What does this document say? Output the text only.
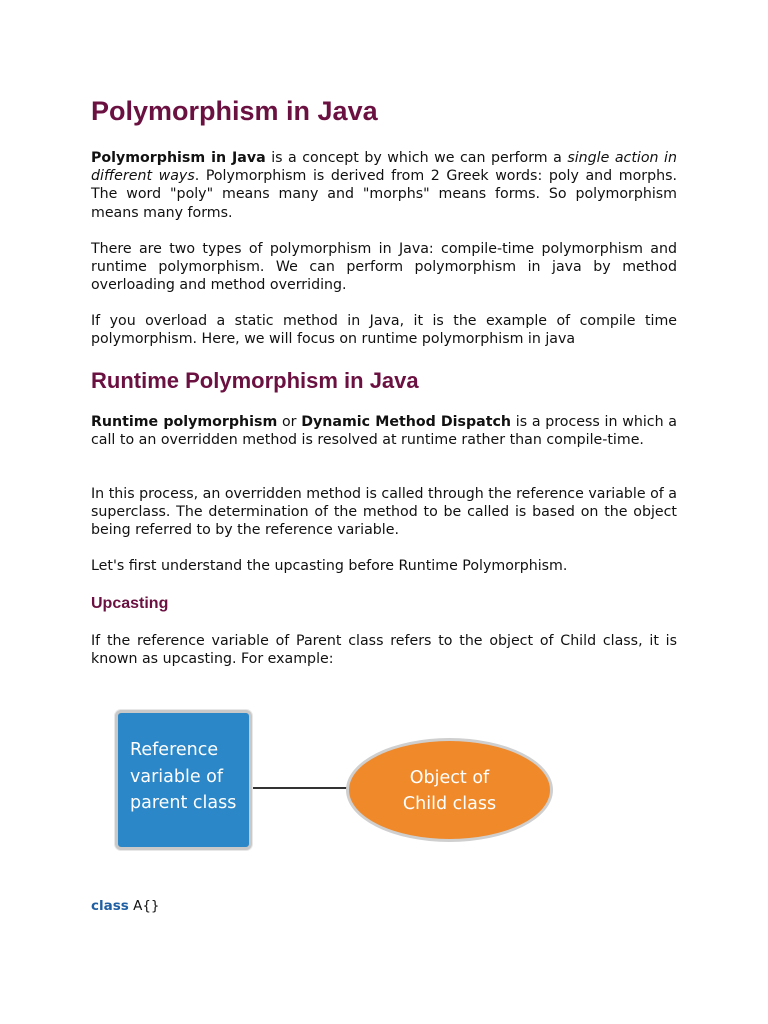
Polymorphism in Java

Polymorphism in Java is a concept by which we can perform a single action in different ways. Polymorphism is derived from 2 Greek words: poly and morphs. The word "poly" means many and "morphs" means forms. So polymorphism means many forms.

There are two types of polymorphism in Java: compile-time polymorphism and runtime polymorphism. We can perform polymorphism in java by method overloading and method overriding.

If you overload a static method in Java, it is the example of compile time polymorphism. Here, we will focus on runtime polymorphism in java

Runtime Polymorphism in Java

Runtime polymorphism or Dynamic Method Dispatch is a process in which a call to an overridden method is resolved at runtime rather than compile-time.

In this process, an overridden method is called through the reference variable of a superclass. The determination of the method to be called is based on the object being referred to by the reference variable.

Let's first understand the upcasting before Runtime Polymorphism.

Upcasting

If the reference variable of Parent class refers to the object of Child class, it is known as upcasting. For example:

class A{}
Reference
variable of
parent class
Object of
Child class
